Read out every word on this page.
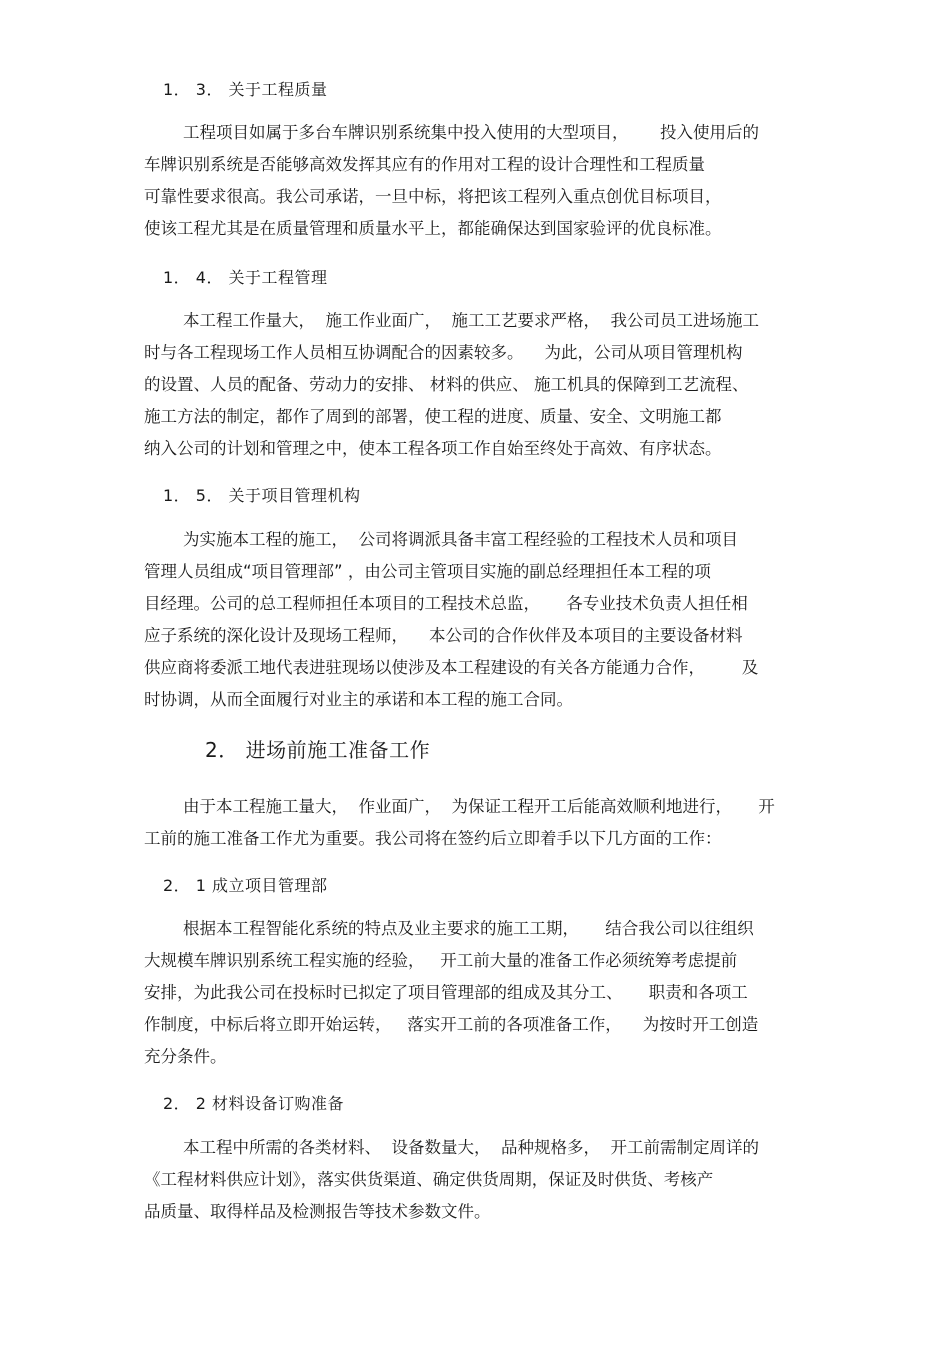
1． 3． 关于工程质量
工程项目如属于多台车牌识别系统集中投入使用的大型项目，      投入使用后的
车牌识别系统是否能够高效发挥其应有的作用对工程的设计合理性和工程质量
可靠性要求很高。我公司承诺，一旦中标，将把该工程列入重点创优目标项目，
使该工程尤其是在质量管理和质量水平上，都能确保达到国家验评的优良标准。
1． 4． 关于工程管理
本工程工作量大，  施工作业面广，  施工工艺要求严格，  我公司员工进场施工
时与各工程现场工作人员相互协调配合的因素较多。    为此，公司从项目管理机构
的设置、人员的配备、劳动力的安排、 材料的供应、 施工机具的保障到工艺流程、
施工方法的制定，都作了周到的部署，使工程的进度、质量、安全、文明施工都
纳入公司的计划和管理之中，使本工程各项工作自始至终处于高效、有序状态。
1． 5． 关于项目管理机构
为实施本工程的施工，  公司将调派具备丰富工程经验的工程技术人员和项目
管理人员组成“项目管理部” ，由公司主管项目实施的副总经理担任本工程的项
目经理。公司的总工程师担任本项目的工程技术总监，     各专业技术负责人担任相
应子系统的深化设计及现场工程师，    本公司的合作伙伴及本项目的主要设备材料
供应商将委派工地代表进驻现场以使涉及本工程建设的有关各方能通力合作，       及
时协调，从而全面履行对业主的承诺和本工程的施工合同。
2． 进场前施工准备工作
由于本工程施工量大，  作业面广，  为保证工程开工后能高效顺利地进行，     开
工前的施工准备工作尤为重要。我公司将在签约后立即着手以下几方面的工作：
2． 1 成立项目管理部
根据本工程智能化系统的特点及业主要求的施工工期，     结合我公司以往组织
大规模车牌识别系统工程实施的经验，   开工前大量的准备工作必须统筹考虑提前
安排，为此我公司在投标时已拟定了项目管理部的组成及其分工、     职责和各项工
作制度，中标后将立即开始运转，   落实开工前的各项准备工作，    为按时开工创造
充分条件。
2． 2 材料设备订购准备
本工程中所需的各类材料、  设备数量大，  品种规格多，  开工前需制定周详的
《工程材料供应计划》，落实供货渠道、确定供货周期，保证及时供货、考核产
品质量、取得样品及检测报告等技术参数文件。
